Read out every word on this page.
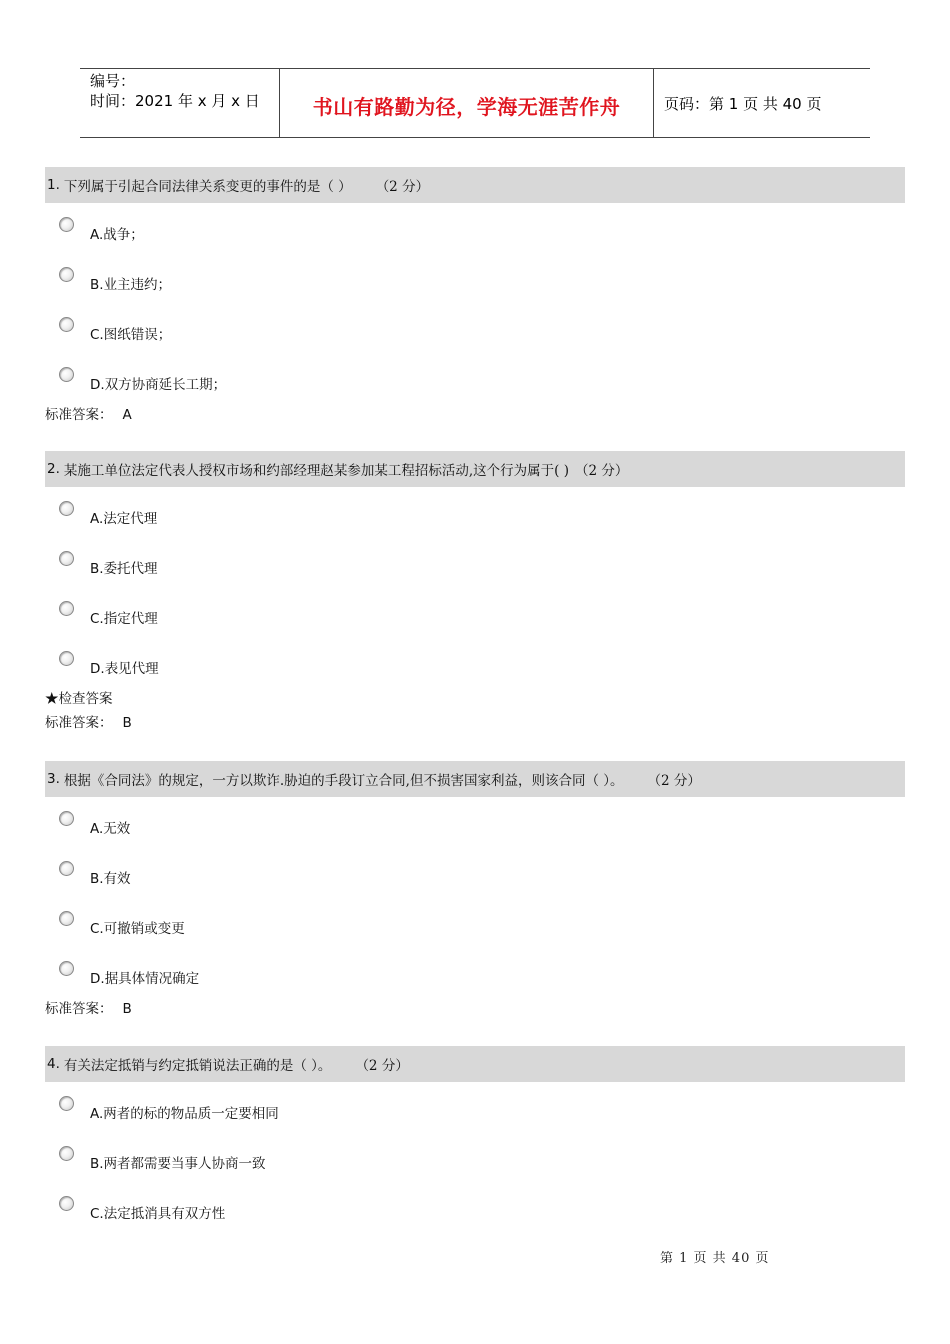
编号：
时间：2021 年 x 月 x 日	书山有路勤为径，学海无涯苦作舟	页码：第 1 页 共 40 页
1. 下列属于引起合同法律关系变更的事件的是（ ） （2 分）
A.战争；
B.业主违约；
C.图纸错误；
D.双方协商延长工期；
标准答案： A
2. 某施工单位法定代表人授权市场和约部经理赵某参加某工程招标活动,这个行为属于( ) （2 分）
A.法定代理
B.委托代理
C.指定代理
D.表见代理
★检查答案
标准答案： B
3. 根据《合同法》的规定，一方以欺诈.胁迫的手段订立合同,但不损害国家利益，则该合同（ ）。 （2 分）
A.无效
B.有效
C.可撤销或变更
D.据具体情况确定
标准答案： B
4. 有关法定抵销与约定抵销说法正确的是（ ）。 （2 分）
A.两者的标的物品质一定要相同
B.两者都需要当事人协商一致
C.法定抵消具有双方性
第 1 页 共 40 页
